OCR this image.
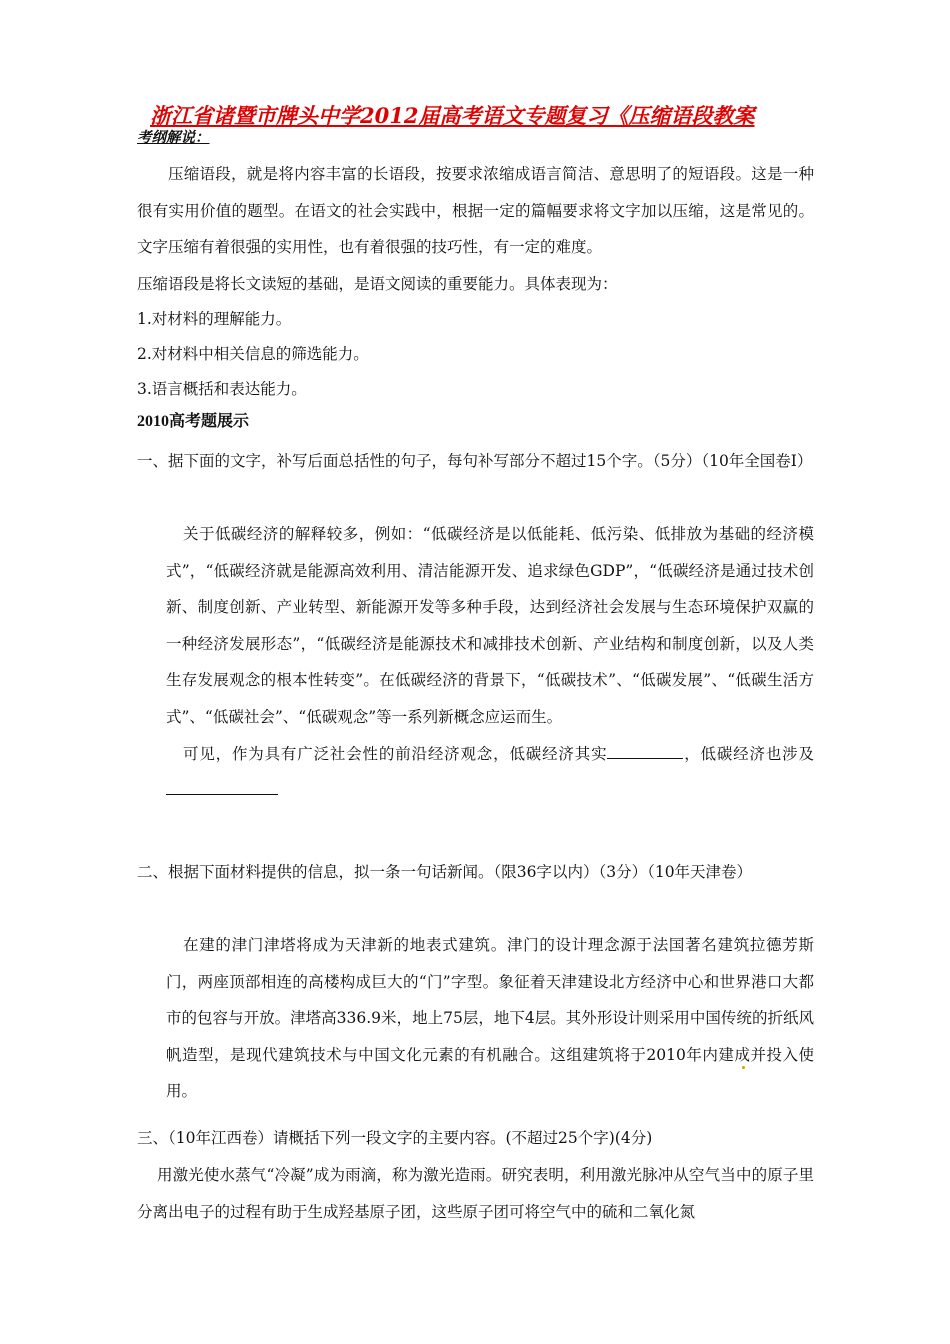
浙江省诸暨市牌头中学2012届高考语文专题复习《压缩语段教案
考纲解说：
压缩语段，就是将内容丰富的长语段，按要求浓缩成语言简洁、意思明了的短语段。这是一种很有实用价值的题型。在语文的社会实践中，根据一定的篇幅要求将文字加以压缩，这是常见的。文字压缩有着很强的实用性，也有着很强的技巧性，有一定的难度。
压缩语段是将长文读短的基础，是语文阅读的重要能力。具体表现为：
1.对材料的理解能力。
2.对材料中相关信息的筛选能力。
3.语言概括和表达能力。
2010高考题展示
一、据下面的文字，补写后面总括性的句子，每句补写部分不超过15个字。（5分）（10年全国卷Ⅰ）
关于低碳经济的解释较多，例如：“低碳经济是以低能耗、低污染、低排放为基础的经济模式”，“低碳经济就是能源高效利用、清洁能源开发、追求绿色GDP”，“低碳经济是通过技术创新、制度创新、产业转型、新能源开发等多种手段，达到经济社会发展与生态环境保护双赢的一种经济发展形态”，“低碳经济是能源技术和减排技术创新、产业结构和制度创新，以及人类生存发展观念的根本性转变”。在低碳经济的背景下，“低碳技术”、“低碳发展”、“低碳生活方式”、“低碳社会”、“低碳观念”等一系列新概念应运而生。
可见，作为具有广泛社会性的前沿经济观念，低碳经济其实	，低碳经济也涉及
二、根据下面材料提供的信息，拟一条一句话新闻。（限36字以内）（3分）（10年天津卷）
在建的津门津塔将成为天津新的地表式建筑。津门的设计理念源于法国著名建筑拉德芳斯门，两座顶部相连的高楼构成巨大的“门”字型。象征着天津建设北方经济中心和世界港口大都市的包容与开放。津塔高336.9米，地上75层，地下4层。其外形设计则采用中国传统的折纸风帆造型，是现代建筑技术与中国文化元素的有机融合。这组建筑将于2010年内建成并投入使用。
三、（10年江西卷）请概括下列一段文字的主要内容。(不超过25个字)(4分)
用激光使水蒸气“冷凝”成为雨滴，称为激光造雨。研究表明，利用激光脉冲从空气当中的原子里分离出电子的过程有助于生成羟基原子团，这些原子团可将空气中的硫和二氧化氮
